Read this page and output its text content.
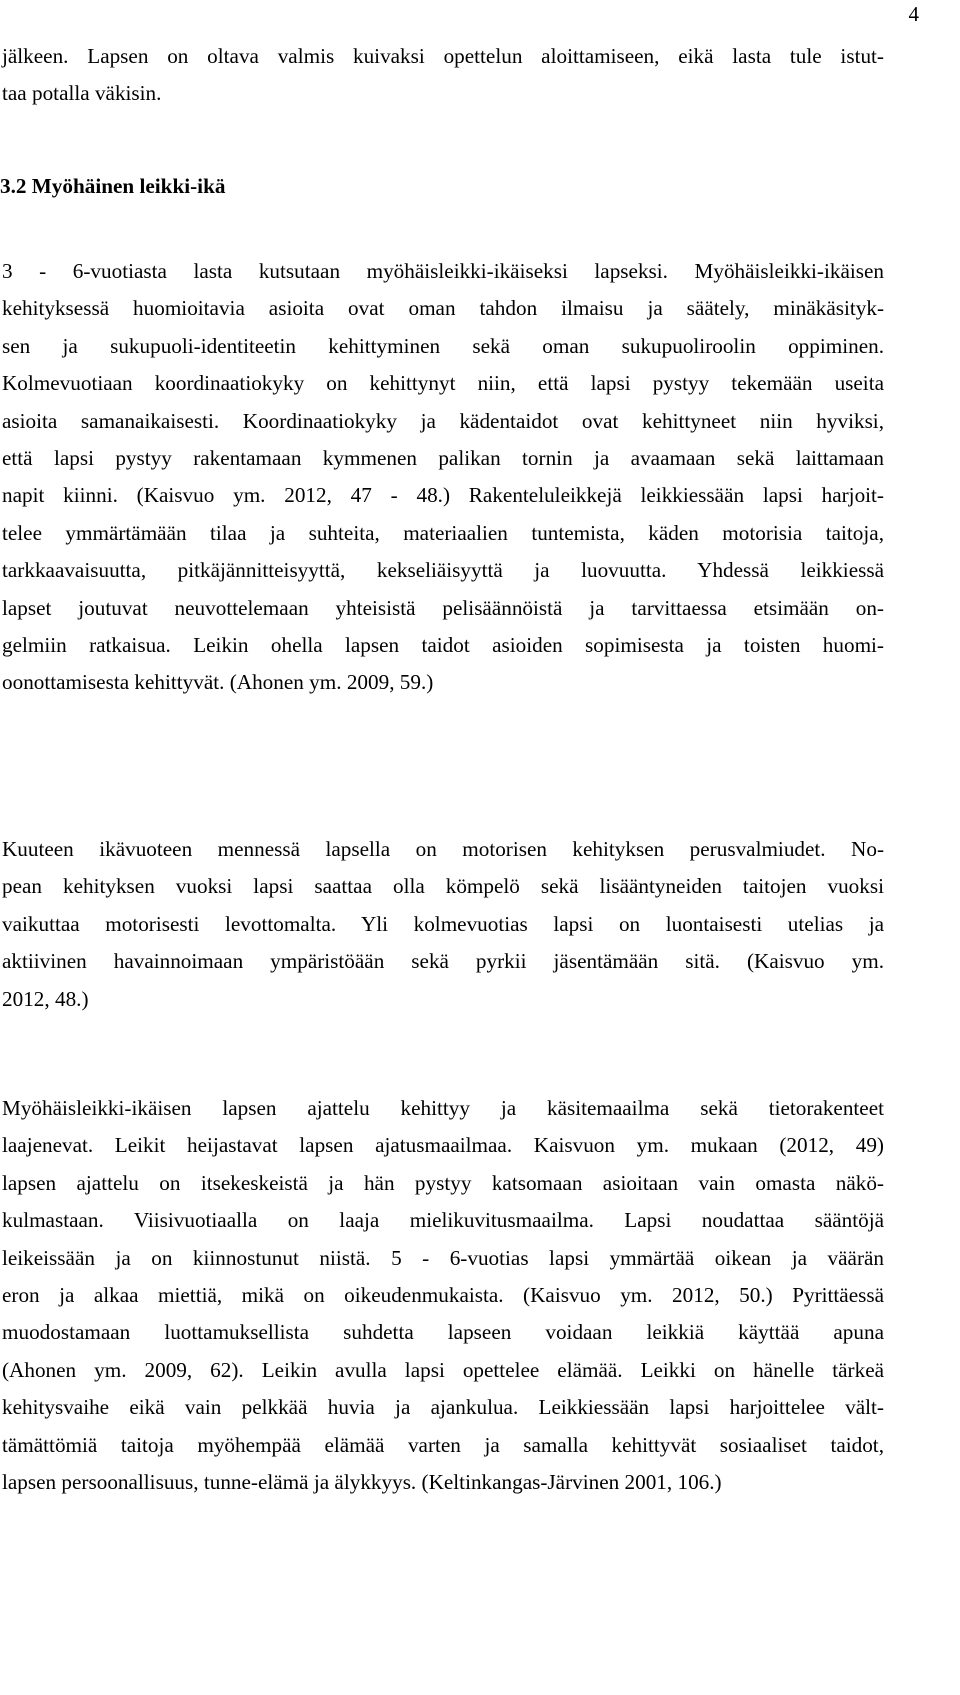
4
jälkeen. Lapsen on oltava valmis kuivaksi opettelun aloittamiseen, eikä lasta tule istut-
taa potalla väkisin.
3.2 Myöhäinen leikki-ikä
3 - 6-vuotiasta lasta kutsutaan myöhäisleikki-ikäiseksi lapseksi. Myöhäisleikki-ikäisen
kehityksessä huomioitavia asioita ovat oman tahdon ilmaisu ja säätely, minäkäsityk-
sen ja sukupuoli-identiteetin kehittyminen sekä oman sukupuoliroolin oppiminen.
Kolmevuotiaan koordinaatiokyky on kehittynyt niin, että lapsi pystyy tekemään useita
asioita samanaikaisesti. Koordinaatiokyky ja kädentaidot ovat kehittyneet niin hyviksi,
että lapsi pystyy rakentamaan kymmenen palikan tornin ja avaamaan sekä laittamaan
napit kiinni. (Kaisvuo ym. 2012, 47 - 48.) Rakenteluleikkejä leikkiessään lapsi harjoit-
telee ymmärtämään tilaa ja suhteita, materiaalien tuntemista, käden motorisia taitoja,
tarkkaavaisuutta, pitkäjännitteisyyttä, kekseliäisyyttä ja luovuutta. Yhdessä leikkiessä
lapset joutuvat neuvottelemaan yhteisistä pelisäännöistä ja tarvittaessa etsimään on-
gelmiin ratkaisua. Leikin ohella lapsen taidot asioiden sopimisesta ja toisten huomi-
oonottamisesta kehittyvät. (Ahonen ym. 2009, 59.)
Kuuteen ikävuoteen mennessä lapsella on motorisen kehityksen perusvalmiudet. No-
pean kehityksen vuoksi lapsi saattaa olla kömpelö sekä lisääntyneiden taitojen vuoksi
vaikuttaa motorisesti levottomalta. Yli kolmevuotias lapsi on luontaisesti utelias ja
aktiivinen havainnoimaan ympäristöään sekä pyrkii jäsentämään sitä. (Kaisvuo ym.
2012, 48.)
Myöhäisleikki-ikäisen lapsen ajattelu kehittyy ja käsitemaailma sekä tietorakenteet
laajenevat. Leikit heijastavat lapsen ajatusmaailmaa. Kaisvuon ym. mukaan (2012, 49)
lapsen ajattelu on itsekeskeistä ja hän pystyy katsomaan asioitaan vain omasta näkö-
kulmastaan. Viisivuotiaalla on laaja mielikuvitusmaailma. Lapsi noudattaa sääntöjä
leikeissään ja on kiinnostunut niistä. 5 - 6-vuotias lapsi ymmärtää oikean ja väärän
eron ja alkaa miettiä, mikä on oikeudenmukaista. (Kaisvuo ym. 2012, 50.) Pyrittäessä
muodostamaan luottamuksellista suhdetta lapseen voidaan leikkiä käyttää apuna
(Ahonen ym. 2009, 62). Leikin avulla lapsi opettelee elämää. Leikki on hänelle tärkeä
kehitysvaihe eikä vain pelkkää huvia ja ajankulua. Leikkiessään lapsi harjoittelee vält-
tämättömiä taitoja myöhempää elämää varten ja samalla kehittyvät sosiaaliset taidot,
lapsen persoonallisuus, tunne-elämä ja älykkyys. (Keltinkangas-Järvinen 2001, 106.)
